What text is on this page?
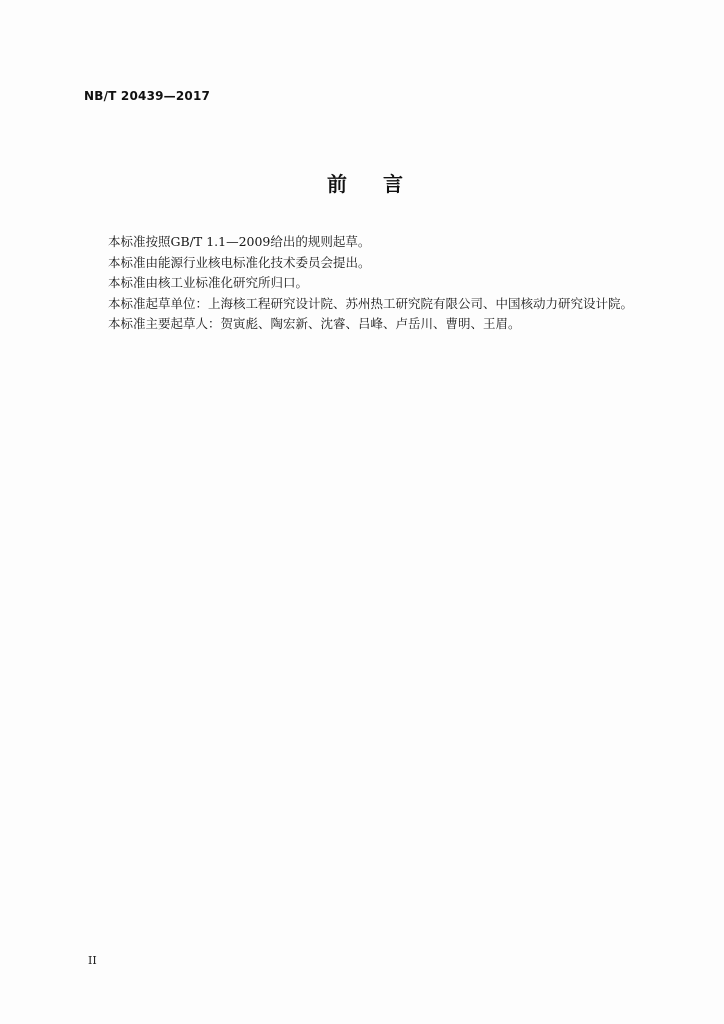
NB/T 20439—2017
前言
本标准按照GB/T 1.1—2009给出的规则起草。
本标准由能源行业核电标准化技术委员会提出。
本标准由核工业标准化研究所归口。
本标准起草单位：上海核工程研究设计院、苏州热工研究院有限公司、中国核动力研究设计院。
本标准主要起草人：贺寅彪、陶宏新、沈睿、吕峰、卢岳川、曹明、王眉。
II
